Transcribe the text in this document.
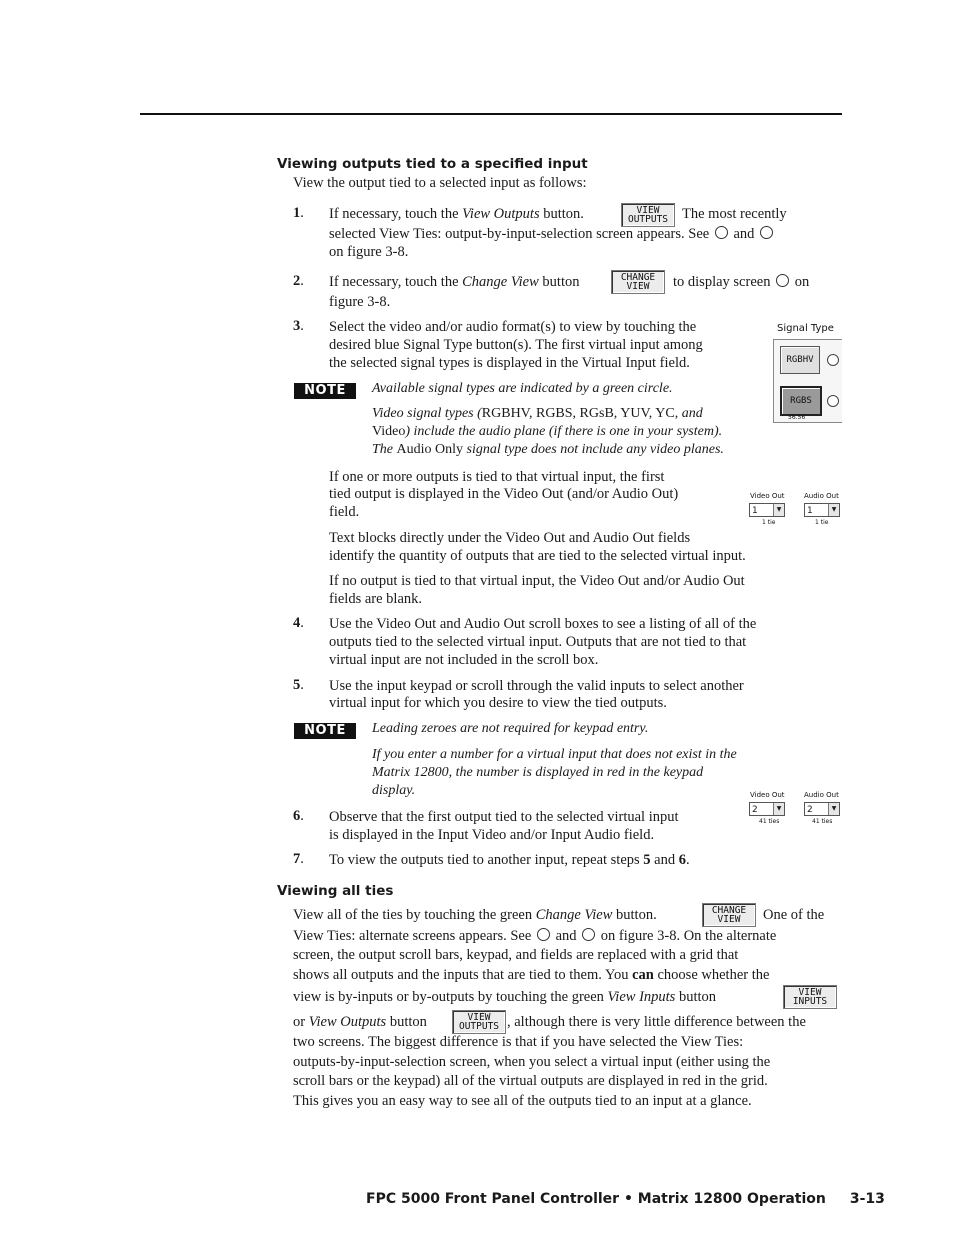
Viewing outputs tied to a specified input
View the output tied to a selected input as follows:
1. If necessary, touch the View Outputs button.	VIEW
OUTPUTS The most recently
selected View Ties: output-by-input-selection screen appears. See and
on figure 3-8.
2. If necessary, touch the Change View button	CHANGE
VIEW	to display screen on
figure 3-8.
3. Select the video and/or audio format(s) to view by touching the
desired blue Signal Type button(s). The first virtual input among
the selected signal types is displayed in the Virtual Input field.
Signal Type
RGBHV
RGBS
56.56
NOTE	Available signal types are indicated by a green circle.
Video signal types (RGBHV, RGBS, RGsB, YUV, YC, and
Video) include the audio plane (if there is one in your system).
The Audio Only signal type does not include any video planes.
If one or more outputs is tied to that virtual input, the first
tied output is displayed in the Video Out (and/or Audio Out)
field.
Video Out	Audio Out
1	▼	1	▼
1 tie	1 tie
Text blocks directly under the Video Out and Audio Out fields
identify the quantity of outputs that are tied to the selected virtual input.
If no output is tied to that virtual input, the Video Out and/or Audio Out
fields are blank.
4. Use the Video Out and Audio Out scroll boxes to see a listing of all of the
outputs tied to the selected virtual input. Outputs that are not tied to that
virtual input are not included in the scroll box.
5. Use the input keypad or scroll through the valid inputs to select another
virtual input for which you desire to view the tied outputs.
NOTE	Leading zeroes are not required for keypad entry.
If you enter a number for a virtual input that does not exist in the
Matrix 12800, the number is displayed in red in the keypad
display.	Video Out	Audio Out
2	▼	2	▼
41 ties	41 ties
6. Observe that the first output tied to the selected virtual input
is displayed in the Input Video and/or Input Audio field.
7. To view the outputs tied to another input, repeat steps 5 and 6.
Viewing all ties
View all of the ties by touching the green Change View button.	CHANGE
VIEW	One of the
View Ties: alternate screens appears. See and on figure 3-8. On the alternate
screen, the output scroll bars, keypad, and fields are replaced with a grid that
shows all outputs and the inputs that are tied to them. You can choose whether the
view is by-inputs or by-outputs by touching the green View Inputs button	VIEW
INPUTS
or View Outputs button	VIEW
OUTPUTS , although there is very little difference between the
two screens. The biggest difference is that if you have selected the View Ties:
outputs-by-input-selection screen, when you select a virtual input (either using the
scroll bars or the keypad) all of the virtual outputs are displayed in red in the grid.
This gives you an easy way to see all of the outputs tied to an input at a glance.
FPC 5000 Front Panel Controller • Matrix 12800 Operation 3-13
